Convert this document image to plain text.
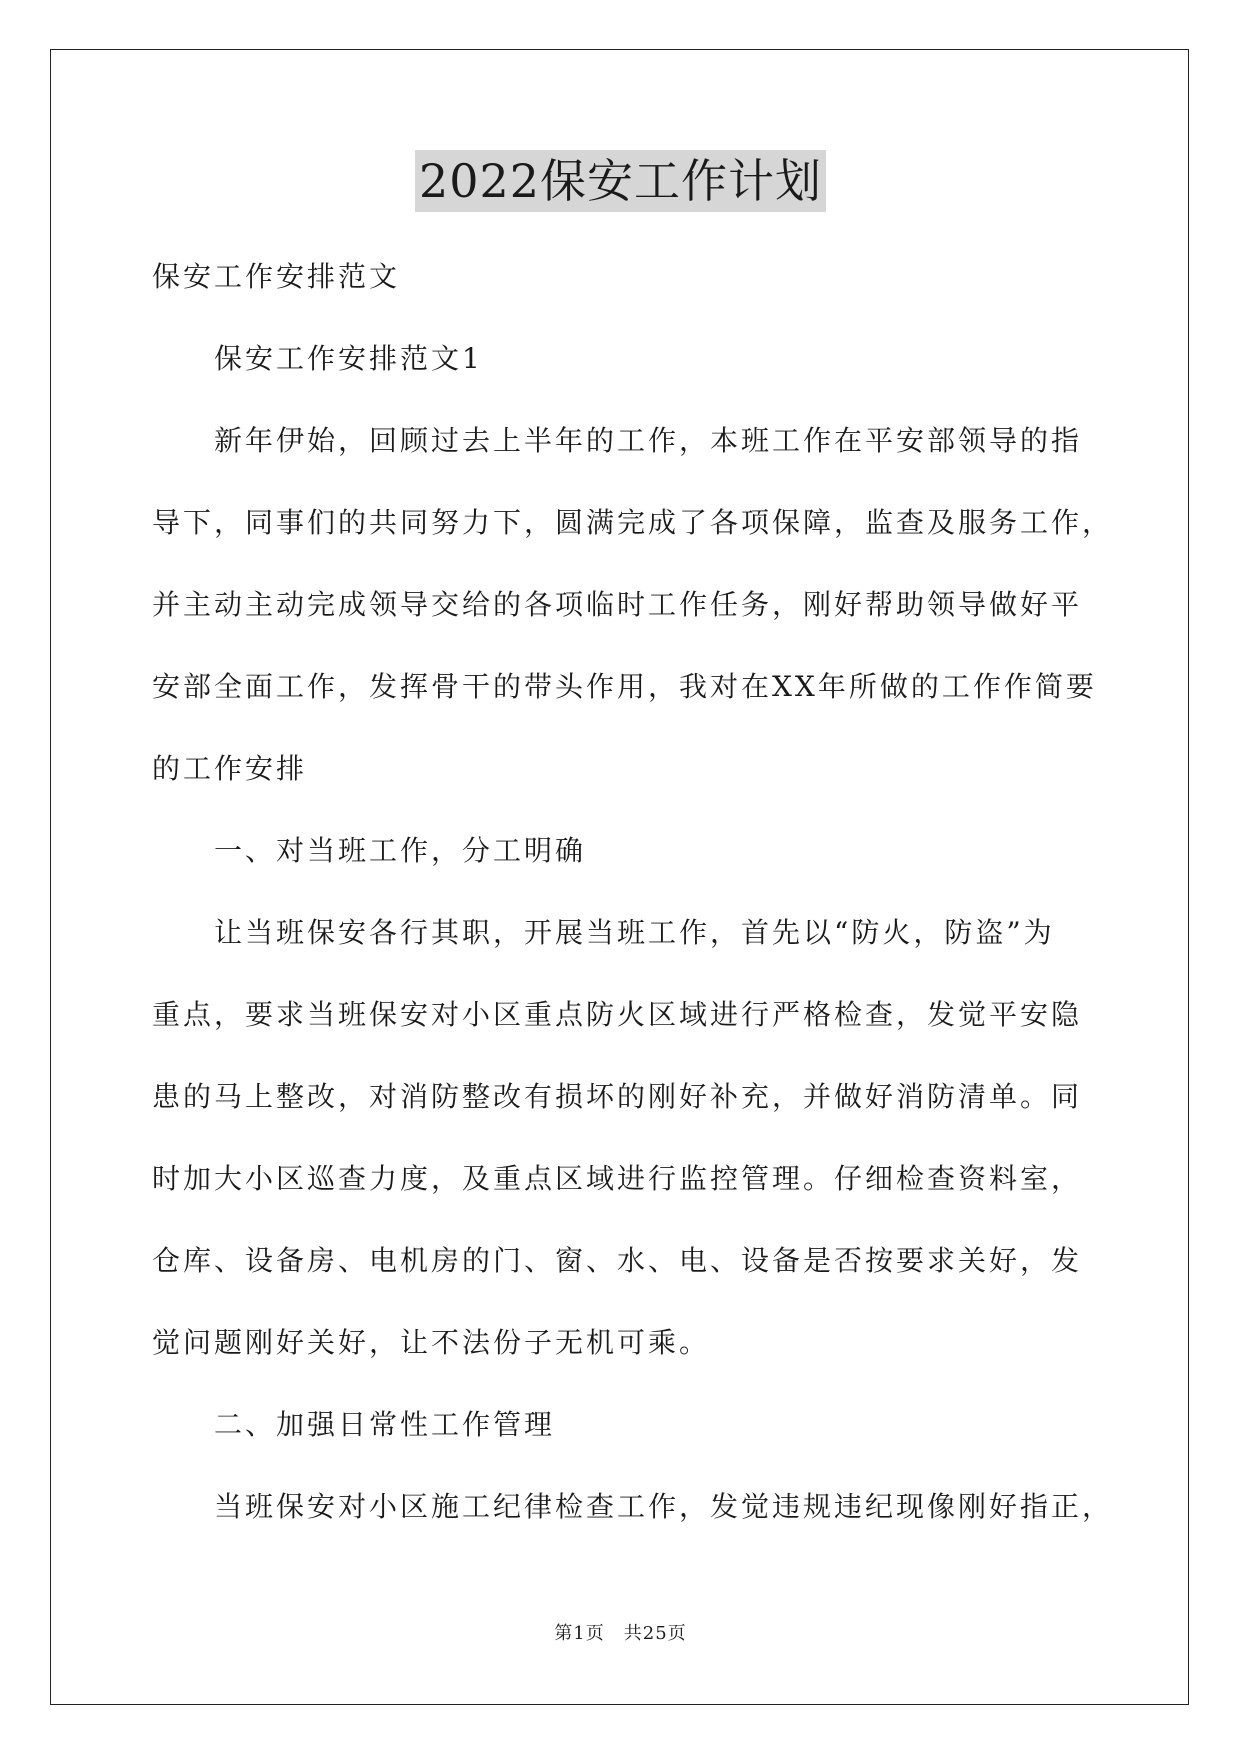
2022保安工作计划
保安工作安排范文
保安工作安排范文1
新年伊始，回顾过去上半年的工作，本班工作在平安部领导的指
导下，同事们的共同努力下，圆满完成了各项保障，监查及服务工作，
并主动主动完成领导交给的各项临时工作任务，刚好帮助领导做好平
安部全面工作，发挥骨干的带头作用，我对在XX年所做的工作作简要
的工作安排
一、对当班工作，分工明确
让当班保安各行其职，开展当班工作，首先以“防火，防盗”为
重点，要求当班保安对小区重点防火区域进行严格检查，发觉平安隐
患的马上整改，对消防整改有损坏的刚好补充，并做好消防清单。同
时加大小区巡查力度，及重点区域进行监控管理。仔细检查资料室，
仓库、设备房、电机房的门、窗、水、电、设备是否按要求关好，发
觉问题刚好关好，让不法份子无机可乘。
二、加强日常性工作管理
当班保安对小区施工纪律检查工作，发觉违规违纪现像刚好指正，
第1页　共25页
